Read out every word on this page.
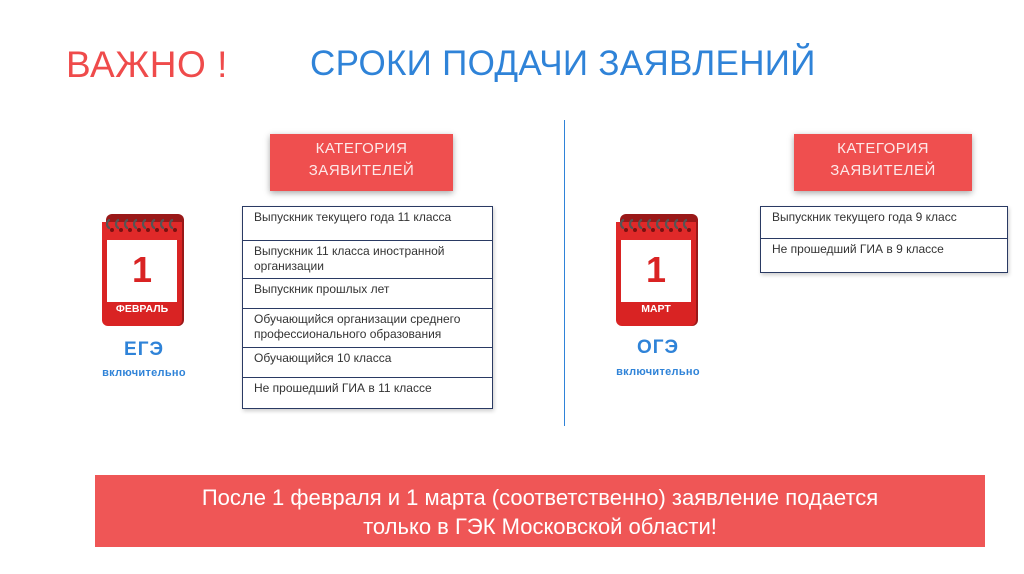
ВАЖНО ! СРОКИ ПОДАЧИ ЗАЯВЛЕНИЙ
1
ФЕВРАЛЬ
ЕГЭ
включительно
КАТЕГОРИЯ
ЗАЯВИТЕЛЕЙ
Выпускник текущего года 11 класса
Выпускник 11 класса иностранной организации
Выпускник прошлых лет
Обучающийся организации среднего профессионального образования
Обучающийся 10 класса
Не прошедший ГИА в 11 классе
1
МАРТ
ОГЭ
включительно
КАТЕГОРИЯ
ЗАЯВИТЕЛЕЙ
Выпускник текущего года 9 класс
Не прошедший ГИА в 9 классе
После 1 февраля и 1 марта (соответственно) заявление подается
только в ГЭК Московской области!
